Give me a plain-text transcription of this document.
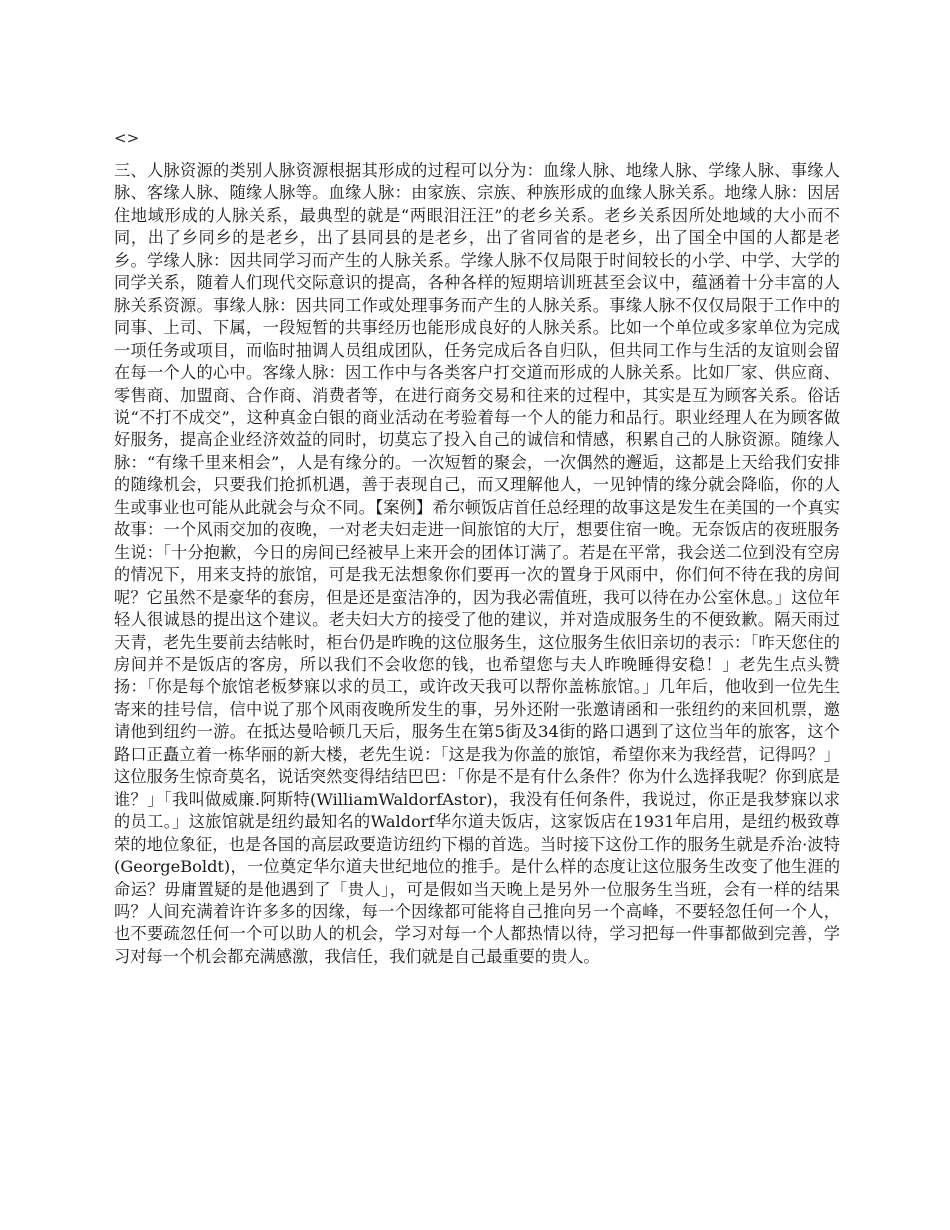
<>

三、人脉资源的类别人脉资源根据其形成的过程可以分为：血缘人脉、地缘人脉、学缘人脉、事缘人脉、客缘人脉、随缘人脉等。血缘人脉：由家族、宗族、种族形成的血缘人脉关系。地缘人脉：因居住地域形成的人脉关系，最典型的就是“两眼泪汪汪”的老乡关系。老乡关系因所处地域的大小而不同，出了乡同乡的是老乡，出了县同县的是老乡，出了省同省的是老乡，出了国全中国的人都是老乡。学缘人脉：因共同学习而产生的人脉关系。学缘人脉不仅局限于时间较长的小学、中学、大学的同学关系，随着人们现代交际意识的提高，各种各样的短期培训班甚至会议中，蕴涵着十分丰富的人脉关系资源。事缘人脉：因共同工作或处理事务而产生的人脉关系。事缘人脉不仅仅局限于工作中的同事、上司、下属，一段短暂的共事经历也能形成良好的人脉关系。比如一个单位或多家单位为完成一项任务或项目，而临时抽调人员组成团队，任务完成后各自归队，但共同工作与生活的友谊则会留在每一个人的心中。客缘人脉：因工作中与各类客户打交道而形成的人脉关系。比如厂家、供应商、零售商、加盟商、合作商、消费者等，在进行商务交易和往来的过程中，其实是互为顾客关系。俗话说“不打不成交”，这种真金白银的商业活动在考验着每一个人的能力和品行。职业经理人在为顾客做好服务，提高企业经济效益的同时，切莫忘了投入自己的诚信和情感，积累自己的人脉资源。随缘人脉：“有缘千里来相会”，人是有缘分的。一次短暂的聚会，一次偶然的邂逅，这都是上天给我们安排的随缘机会，只要我们抢抓机遇，善于表现自己，而又理解他人，一见钟情的缘分就会降临，你的人生或事业也可能从此就会与众不同。【案例】希尔顿饭店首任总经理的故事这是发生在美国的一个真实故事：一个风雨交加的夜晚，一对老夫妇走进一间旅馆的大厅，想要住宿一晚。无奈饭店的夜班服务生说：「十分抱歉，今日的房间已经被早上来开会的团体订满了。若是在平常，我会送二位到没有空房的情况下，用来支持的旅馆，可是我无法想象你们要再一次的置身于风雨中，你们何不待在我的房间呢？它虽然不是豪华的套房，但是还是蛮洁净的，因为我必需值班，我可以待在办公室休息。」这位年轻人很诚恳的提出这个建议。老夫妇大方的接受了他的建议，并对造成服务生的不便致歉。隔天雨过天青，老先生要前去结帐时，柜台仍是昨晚的这位服务生，这位服务生依旧亲切的表示：「昨天您住的房间并不是饭店的客房，所以我们不会收您的钱，也希望您与夫人昨晚睡得安稳！」老先生点头赞扬：「你是每个旅馆老板梦寐以求的员工，或许改天我可以帮你盖栋旅馆。」几年后，他收到一位先生寄来的挂号信，信中说了那个风雨夜晚所发生的事，另外还附一张邀请函和一张纽约的来回机票，邀请他到纽约一游。在抵达曼哈顿几天后，服务生在第5街及34街的路口遇到了这位当年的旅客，这个路口正矗立着一栋华丽的新大楼，老先生说：「这是我为你盖的旅馆，希望你来为我经营，记得吗？」这位服务生惊奇莫名，说话突然变得结结巴巴：「你是不是有什么条件？你为什么选择我呢？你到底是谁？」「我叫做威廉.阿斯特(WilliamWaldorfAstor)，我没有任何条件，我说过，你正是我梦寐以求的员工。」这旅馆就是纽约最知名的Waldorf华尔道夫饭店，这家饭店在1931年启用，是纽约极致尊荣的地位象征，也是各国的高层政要造访纽约下榻的首选。当时接下这份工作的服务生就是乔治·波特(GeorgeBoldt)，一位奠定华尔道夫世纪地位的推手。是什么样的态度让这位服务生改变了他生涯的命运？毋庸置疑的是他遇到了「贵人」，可是假如当天晚上是另外一位服务生当班，会有一样的结果吗？人间充满着许许多多的因缘，每一个因缘都可能将自己推向另一个高峰，不要轻忽任何一个人，也不要疏忽任何一个可以助人的机会，学习对每一个人都热情以待，学习把每一件事都做到完善，学习对每一个机会都充满感激，我信任，我们就是自己最重要的贵人。
